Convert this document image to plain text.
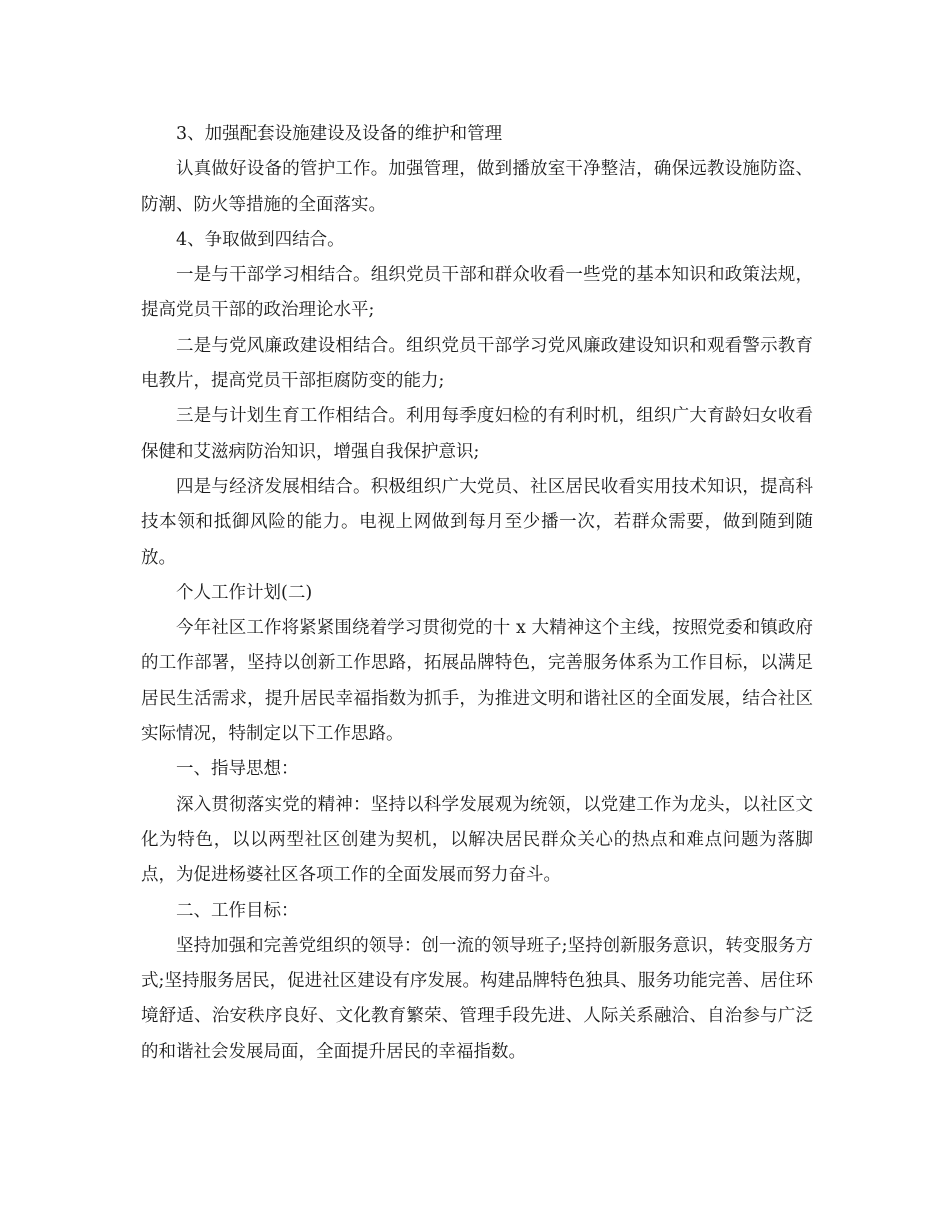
3、加强配套设施建设及设备的维护和管理

认真做好设备的管护工作。加强管理，做到播放室干净整洁，确保远教设施防盗、防潮、防火等措施的全面落实。

4、争取做到四结合。

一是与干部学习相结合。组织党员干部和群众收看一些党的基本知识和政策法规，提高党员干部的政治理论水平;

二是与党风廉政建设相结合。组织党员干部学习党风廉政建设知识和观看警示教育电教片，提高党员干部拒腐防变的能力;

三是与计划生育工作相结合。利用每季度妇检的有利时机，组织广大育龄妇女收看保健和艾滋病防治知识，增强自我保护意识;

四是与经济发展相结合。积极组织广大党员、社区居民收看实用技术知识，提高科技本领和抵御风险的能力。电视上网做到每月至少播一次，若群众需要，做到随到随放。

个人工作计划(二)

今年社区工作将紧紧围绕着学习贯彻党的十 x 大精神这个主线，按照党委和镇政府的工作部署，坚持以创新工作思路，拓展品牌特色，完善服务体系为工作目标，以满足居民生活需求，提升居民幸福指数为抓手，为推进文明和谐社区的全面发展，结合社区实际情况，特制定以下工作思路。

一、指导思想：

深入贯彻落实党的精神：坚持以科学发展观为统领，以党建工作为龙头，以社区文化为特色，以以两型社区创建为契机，以解决居民群众关心的热点和难点问题为落脚点，为促进杨婆社区各项工作的全面发展而努力奋斗。

二、工作目标：

坚持加强和完善党组织的领导：创一流的领导班子;坚持创新服务意识，转变服务方式;坚持服务居民，促进社区建设有序发展。构建品牌特色独具、服务功能完善、居住环境舒适、治安秩序良好、文化教育繁荣、管理手段先进、人际关系融洽、自治参与广泛的和谐社会发展局面，全面提升居民的幸福指数。
